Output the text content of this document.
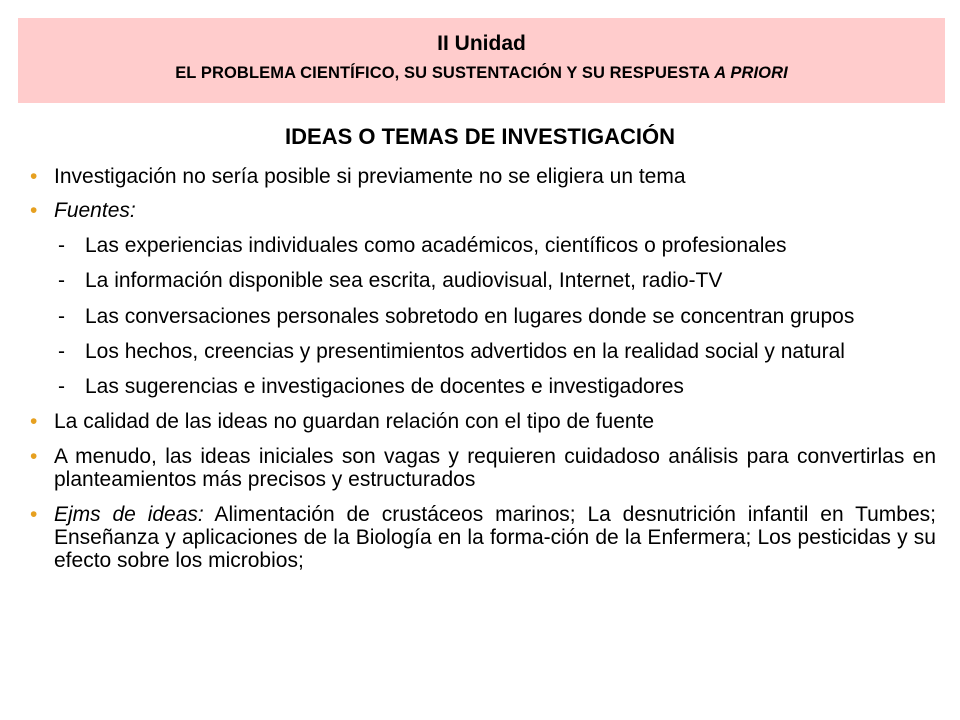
II Unidad
EL PROBLEMA CIENTÍFICO, SU SUSTENTACIÓN Y SU RESPUESTA A PRIORI
IDEAS O TEMAS DE INVESTIGACIÓN
• Investigación no sería posible si previamente no se eligiera un tema
• Fuentes:
- Las experiencias individuales como académicos, científicos o profesionales
- La información disponible sea escrita, audiovisual, Internet, radio-TV
- Las conversaciones personales sobretodo en lugares donde se concentran grupos
- Los hechos, creencias y presentimientos advertidos en la realidad social y natural
- Las sugerencias e investigaciones de docentes e investigadores
• La calidad de las ideas no guardan relación con el tipo de fuente
• A menudo, las ideas iniciales son vagas y requieren cuidadoso análisis para convertirlas en planteamientos más precisos y estructurados
• Ejms de ideas: Alimentación de crustáceos marinos; La desnutrición infantil en Tumbes; Enseñanza y aplicaciones de la Biología en la forma-ción de la Enfermera; Los pesticidas y su efecto sobre los microbios;
